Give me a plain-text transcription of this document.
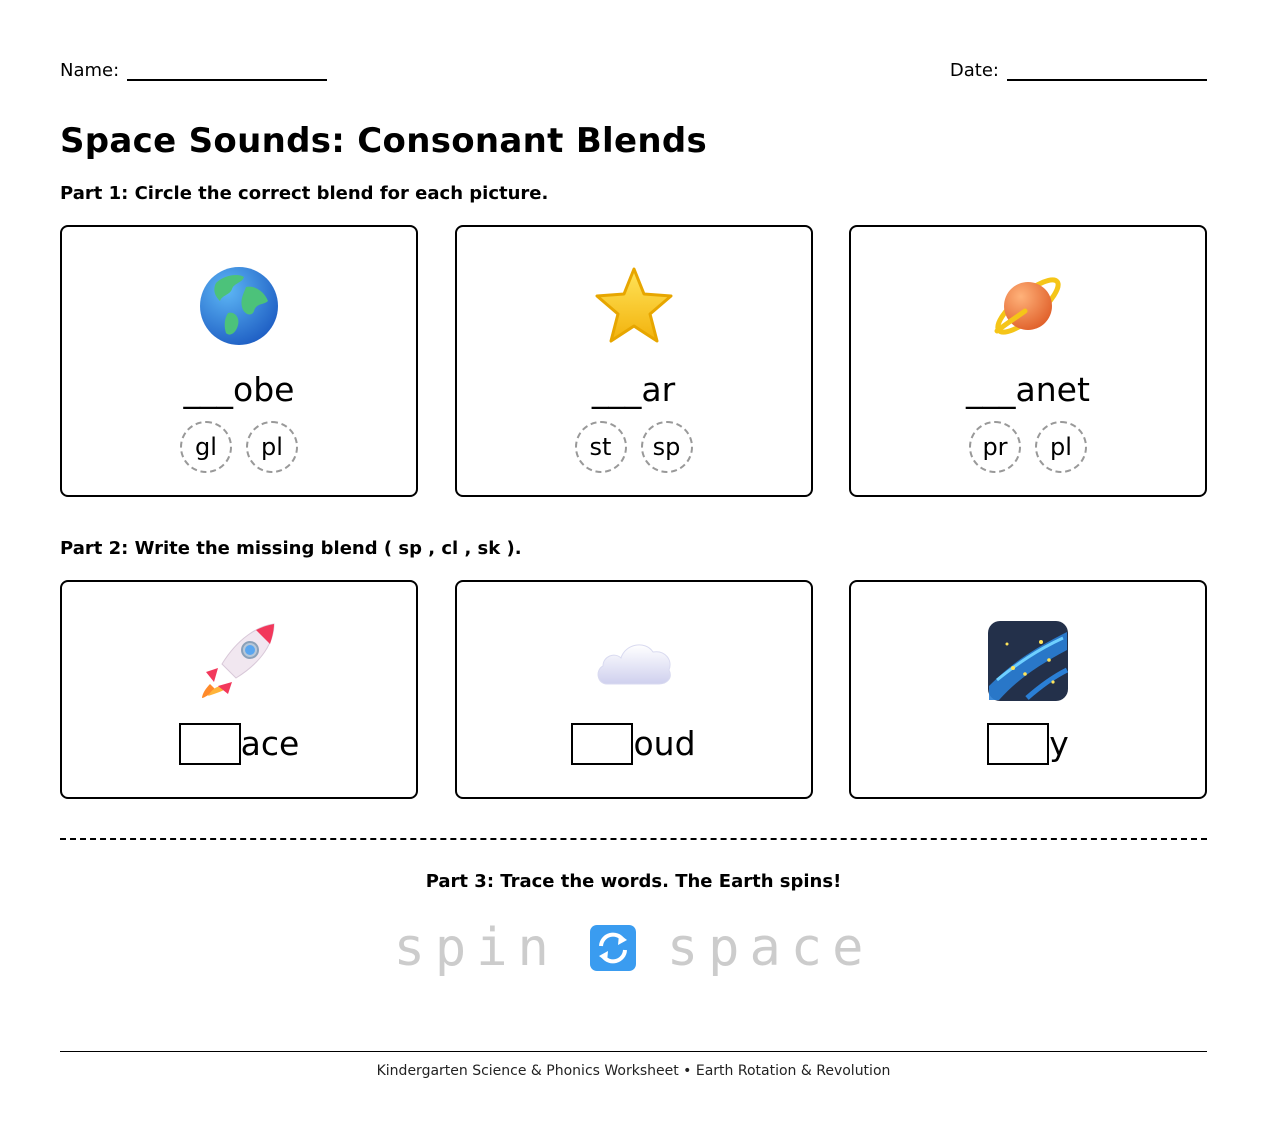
Name:	Date:
Space Sounds: Consonant Blends
Part 1: Circle the correct blend for each picture.
___obe
gl	pl
___ar
st	sp
___anet
pr	pl
Part 2: Write the missing blend ( sp , cl , sk ).
ace	oud	y
Part 3: Trace the words. The Earth spins!
spin space
Kindergarten Science & Phonics Worksheet • Earth Rotation & Revolution
